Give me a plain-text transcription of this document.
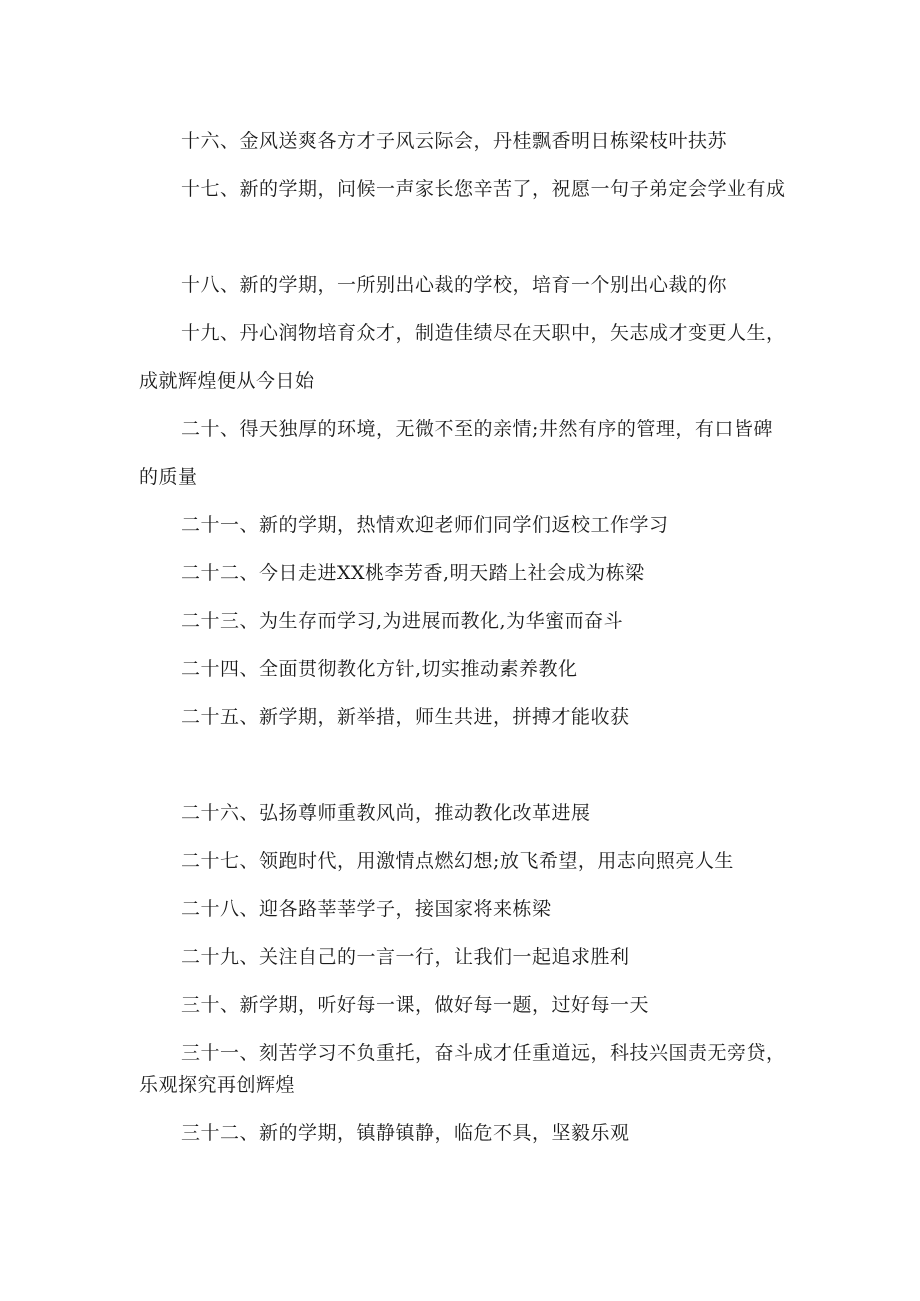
十六、金风送爽各方才子风云际会，丹桂飘香明日栋梁枝叶扶苏

十七、新的学期，问候一声家长您辛苦了，祝愿一句子弟定会学业有成

十八、新的学期，一所别出心裁的学校，培育一个别出心裁的你

十九、丹心润物培育众才，制造佳绩尽在天职中，矢志成才变更人生，成就辉煌便从今日始

二十、得天独厚的环境，无微不至的亲情;井然有序的管理，有口皆碑的质量

二十一、新的学期，热情欢迎老师们同学们返校工作学习

二十二、今日走进XX桃李芳香,明天踏上社会成为栋梁

二十三、为生存而学习,为进展而教化,为华蜜而奋斗

二十四、全面贯彻教化方针,切实推动素养教化

二十五、新学期，新举措，师生共进，拼搏才能收获

二十六、弘扬尊师重教风尚，推动教化改革进展

二十七、领跑时代，用激情点燃幻想;放飞希望，用志向照亮人生

二十八、迎各路莘莘学子，接国家将来栋梁

二十九、关注自己的一言一行，让我们一起追求胜利

三十、新学期，听好每一课，做好每一题，过好每一天

三十一、刻苦学习不负重托，奋斗成才任重道远，科技兴国责无旁贷，乐观探究再创辉煌

三十二、新的学期，镇静镇静，临危不具，坚毅乐观
